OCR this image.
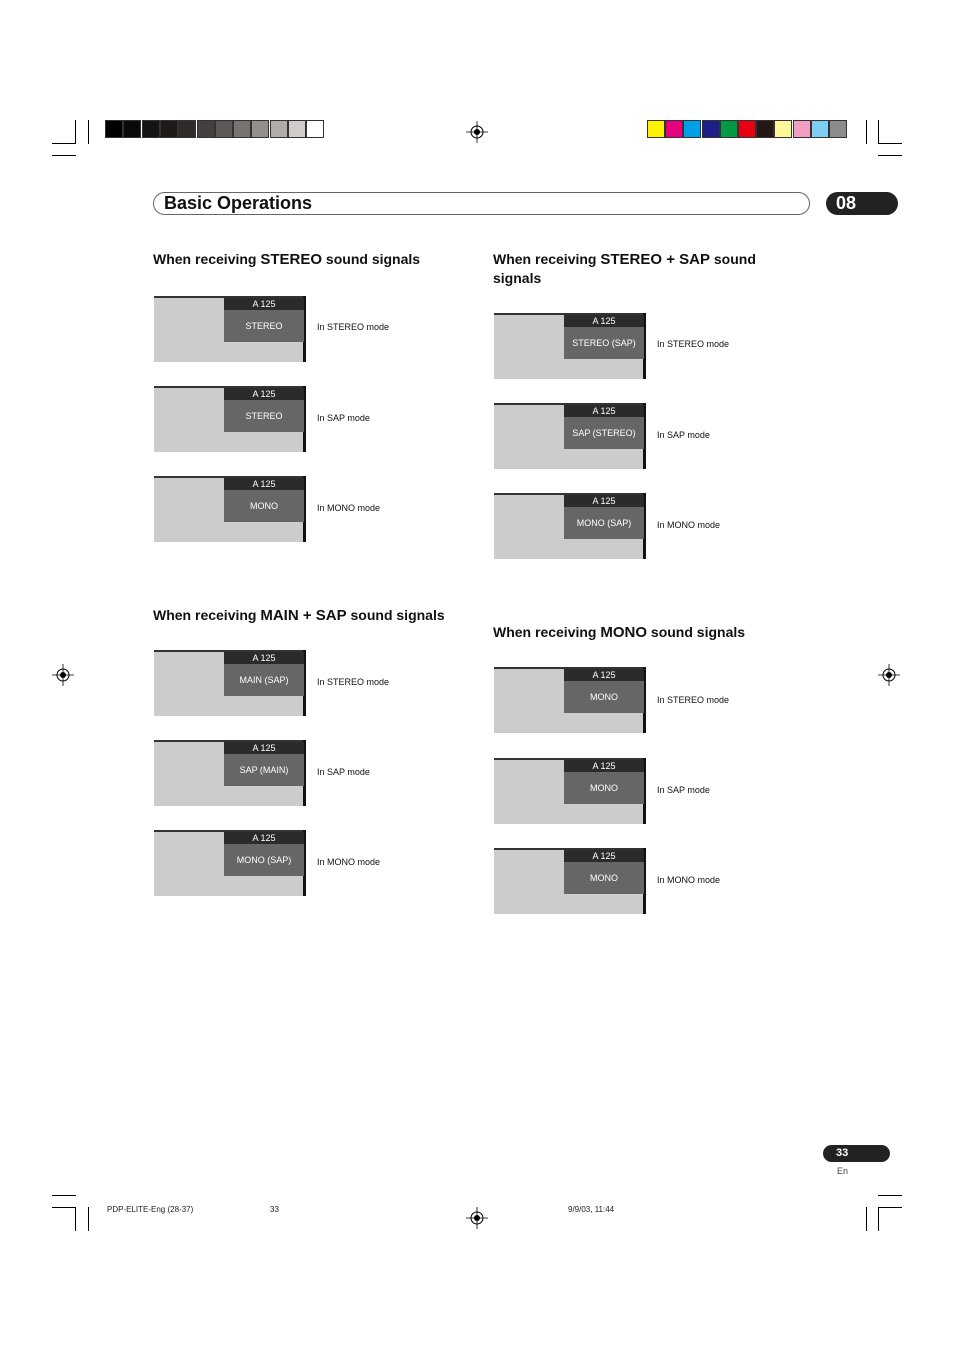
Basic Operations	08
When receiving STEREO sound signals
A 125
STEREO	In STEREO mode
A 125
STEREO	In SAP mode
A 125
MONO	In MONO mode
When receiving STEREO + SAP sound signals
A 125
STEREO (SAP)	In STEREO mode
A 125
SAP (STEREO)	In SAP mode
A 125
MONO (SAP)	In MONO mode
When receiving MAIN + SAP sound signals
A 125
MAIN (SAP)	In STEREO mode
A 125
SAP (MAIN)	In SAP mode
A 125
MONO (SAP)	In MONO mode
When receiving MONO sound signals
A 125
MONO	In STEREO mode
A 125
MONO	In SAP mode
A 125
MONO	In MONO mode
33
En
PDP-ELITE-Eng (28-37)	33	9/9/03, 11:44
